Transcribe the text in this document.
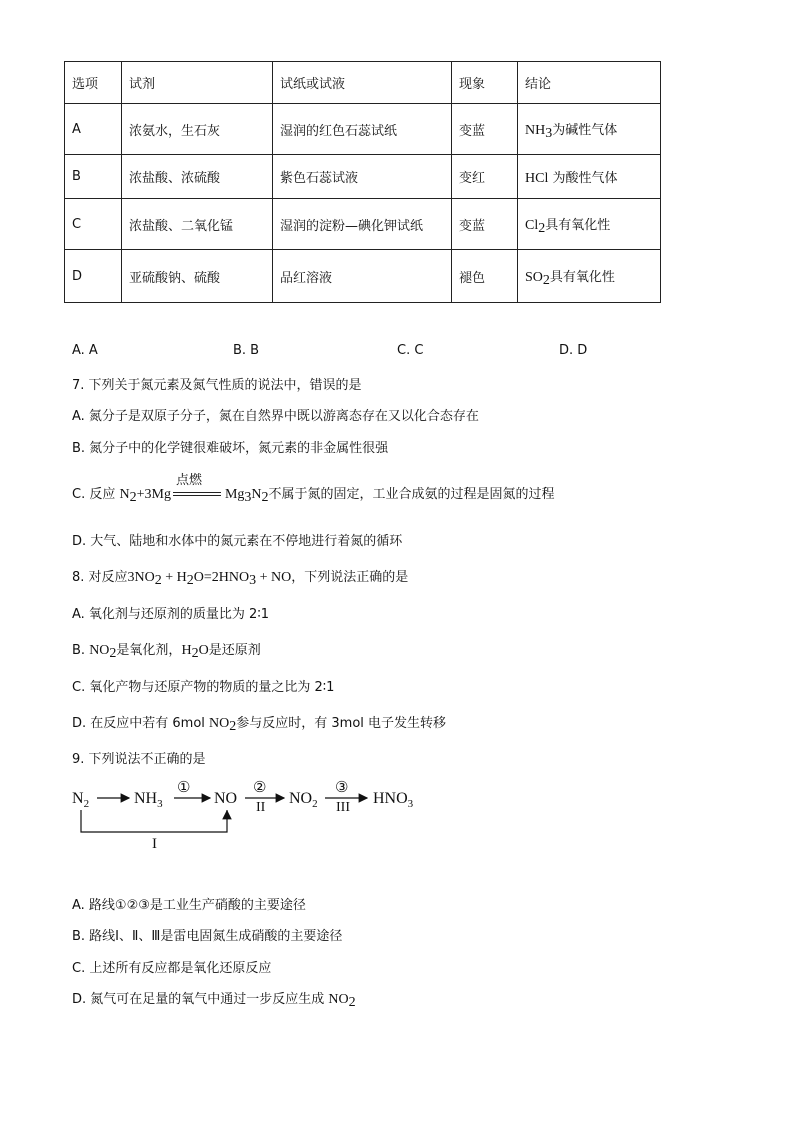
选项	试剂	试纸或试液	现象	结论
A	浓氨水，生石灰	湿润的红色石蕊试纸	变蓝	$NH_3$为碱性气体
B	浓盐酸、浓硫酸	紫色石蕊试液	变红	HCl 为酸性气体
C	浓盐酸、二氧化锰	湿润的淀粉—碘化钾试纸	变蓝	$Cl_2$具有氧化性
D	亚硫酸钠、硫酸	品红溶液	褪色	$SO_2$具有氧化性
A. A	B. B	C. C	D. D
7. 下列关于氮元素及氮气性质的说法中，错误的是
A. 氮分子是双原子分子，氮在自然界中既以游离态存在又以化合态存在
B. 氮分子中的化学键很难破坏，氮元素的非金属性很强
C. 反应 $N_2+3Mg$
点燃
$Mg_3N_2$不属于氮的固定，工业合成氨的过程是固氮的过程
D. 大气、陆地和水体中的氮元素在不停地进行着氮的循环
8. 对反应$3NO_2 + H_2O=2HNO_3$ + NO，下列说法正确的是
A. 氧化剂与还原剂的质量比为 2∶1
B. $NO_2$是氧化剂，$H_2O$是还原剂
C. 氧化产物与还原产物的物质的量之比为 2∶1
D. 在反应中若有 6mol $NO_2$参与反应时，有 3mol 电子发生转移
9. 下列说法不正确的是
$N_2$	$NH_3$	NO	$NO_2$	$HNO_3$
①	②	③
II	III
I
A. 路线①②③是工业生产硝酸的主要途径
B. 路线Ⅰ、Ⅱ、Ⅲ是雷电固氮生成硝酸的主要途径
C. 上述所有反应都是氧化还原反应
D. 氮气可在足量的氧气中通过一步反应生成 $NO_2$
